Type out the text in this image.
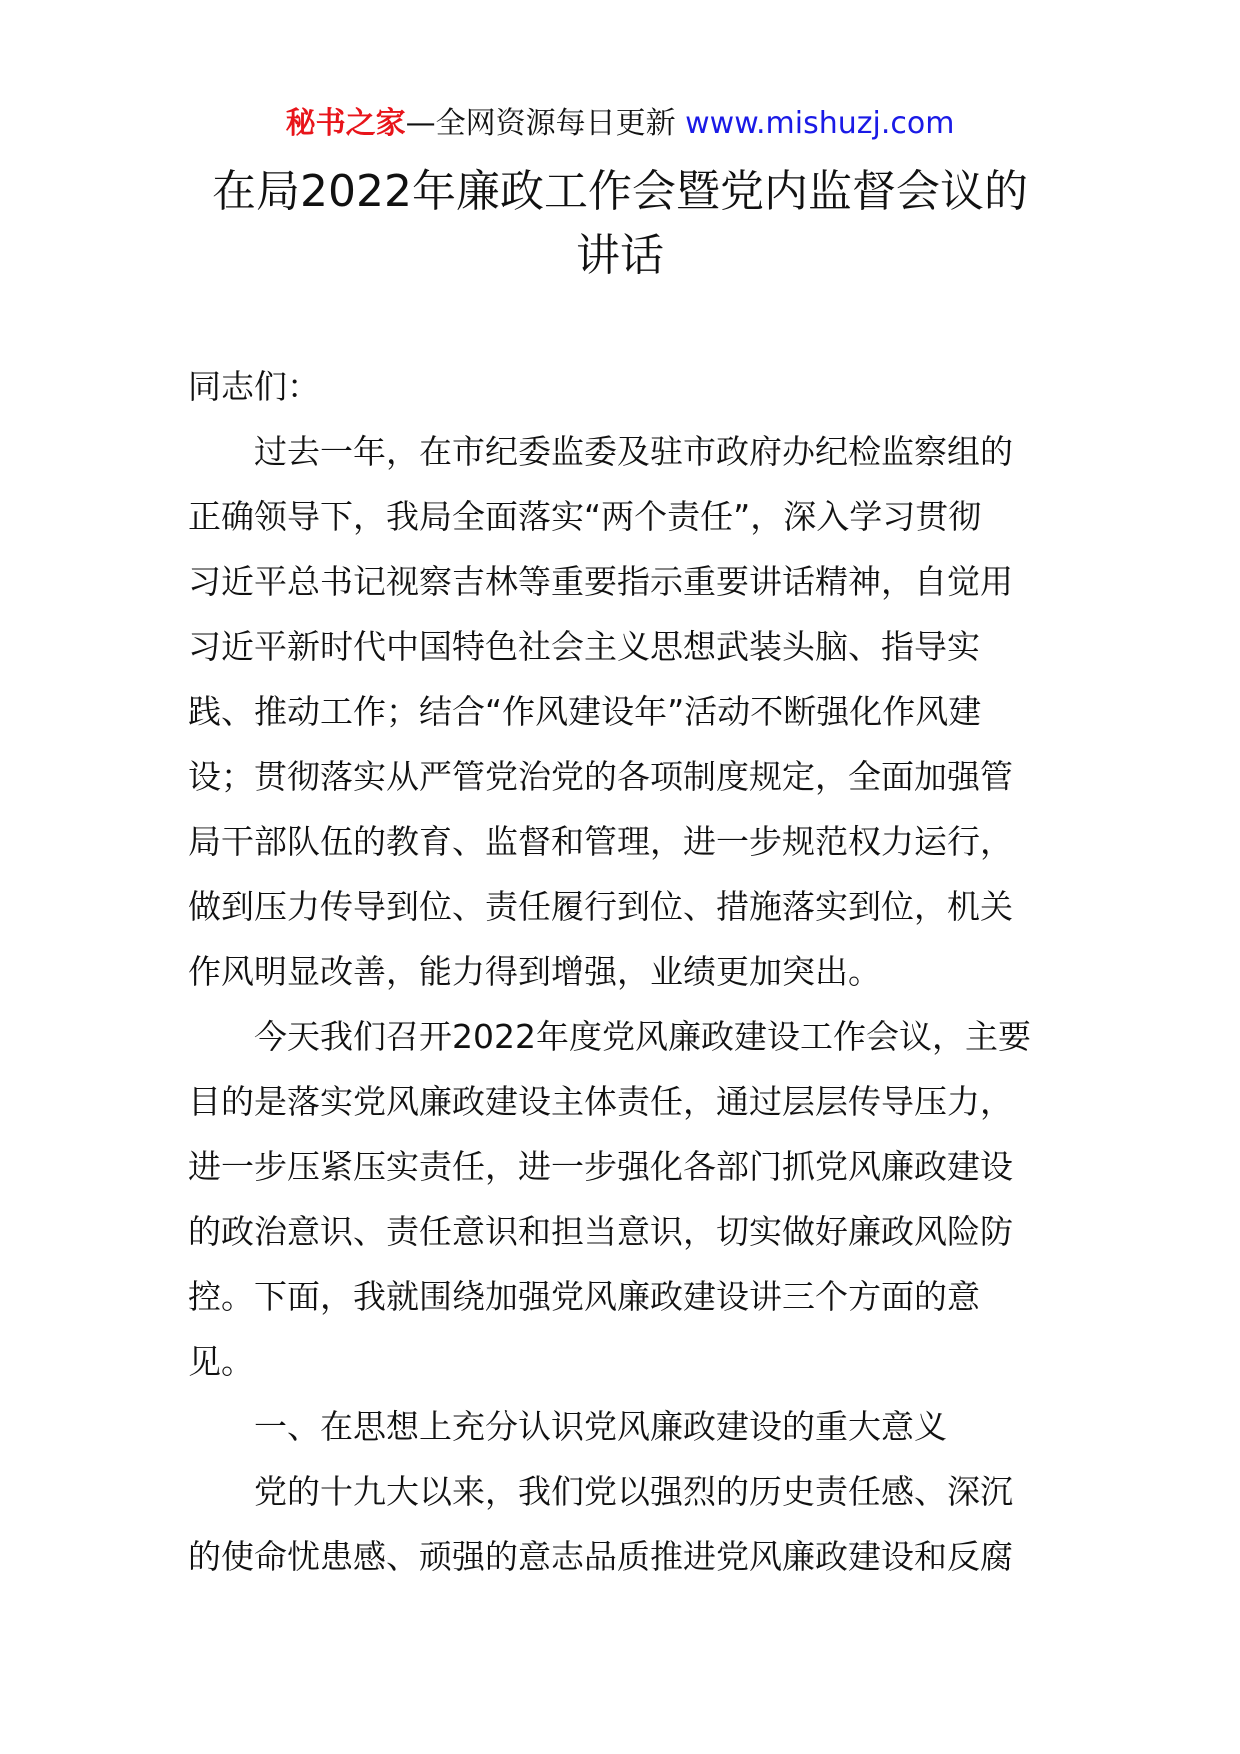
秘书之家—全网资源每日更新 www.mishuzj.com
在局2022年廉政工作会暨党内监督会议的
讲话
同志们：
过去一年，在市纪委监委及驻市政府办纪检监察组的
正确领导下，我局全面落实“两个责任”，深入学习贯彻
习近平总书记视察吉林等重要指示重要讲话精神，自觉用
习近平新时代中国特色社会主义思想武装头脑、指导实
践、推动工作；结合“作风建设年”活动不断强化作风建
设；贯彻落实从严管党治党的各项制度规定，全面加强管
局干部队伍的教育、监督和管理，进一步规范权力运行，
做到压力传导到位、责任履行到位、措施落实到位，机关
作风明显改善，能力得到增强，业绩更加突出。
今天我们召开2022年度党风廉政建设工作会议，主要
目的是落实党风廉政建设主体责任，通过层层传导压力，
进一步压紧压实责任，进一步强化各部门抓党风廉政建设
的政治意识、责任意识和担当意识，切实做好廉政风险防
控。下面，我就围绕加强党风廉政建设讲三个方面的意
见。
一、在思想上充分认识党风廉政建设的重大意义
党的十九大以来，我们党以强烈的历史责任感、深沉
的使命忧患感、顽强的意志品质推进党风廉政建设和反腐
